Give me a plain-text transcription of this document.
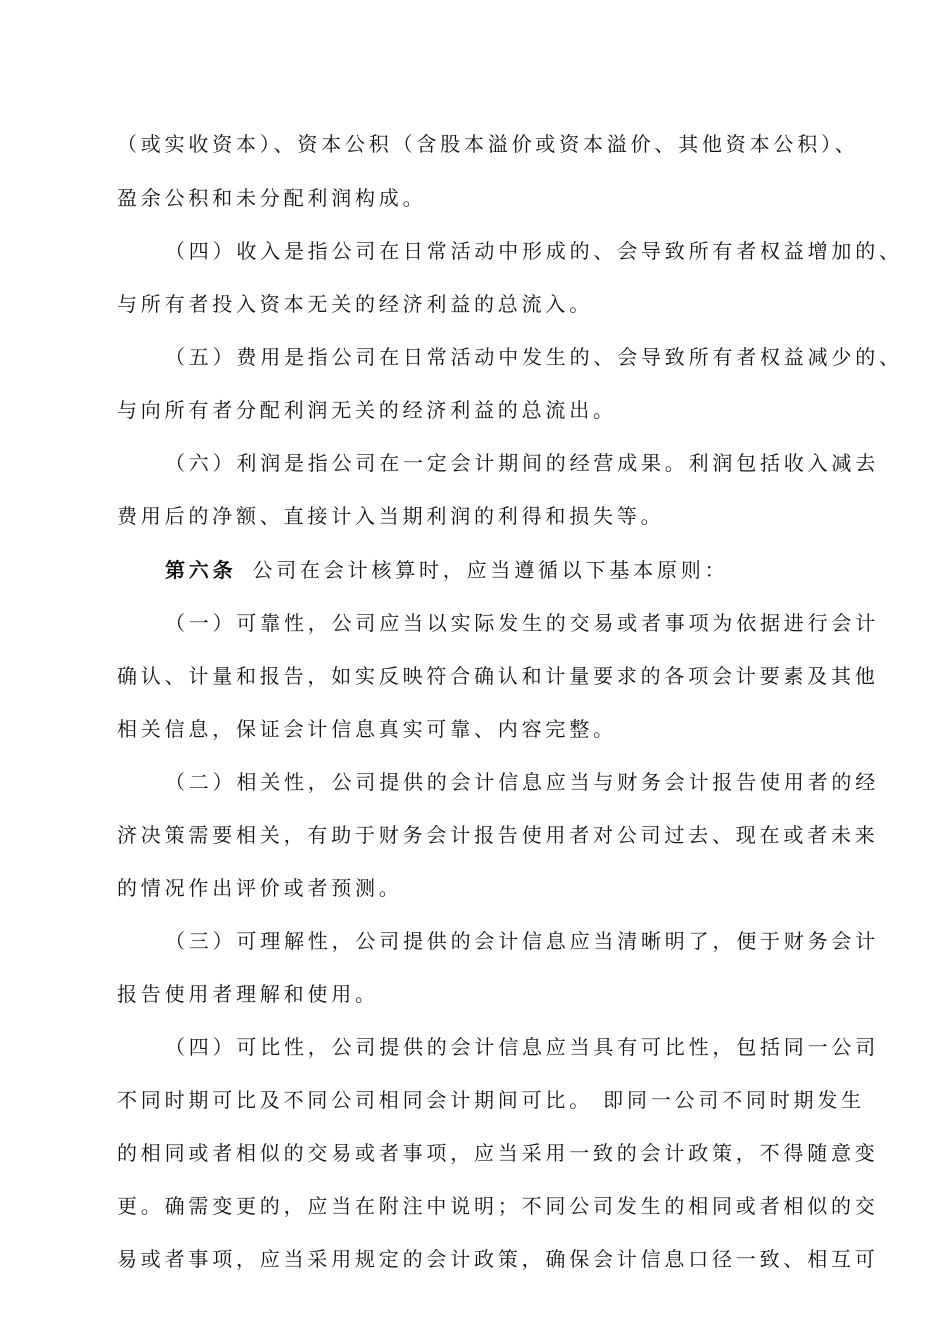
（或实收资本）、资本公积（含股本溢价或资本溢价、其他资本公积）、
盈余公积和未分配利润构成。
（四）收入是指公司在日常活动中形成的、会导致所有者权益增加的、
与所有者投入资本无关的经济利益的总流入。
（五）费用是指公司在日常活动中发生的、会导致所有者权益减少的、
与向所有者分配利润无关的经济利益的总流出。
（六）利润是指公司在一定会计期间的经营成果。利润包括收入减去
费用后的净额、直接计入当期利润的利得和损失等。
第六条 公司在会计核算时，应当遵循以下基本原则：
（一）可靠性，公司应当以实际发生的交易或者事项为依据进行会计
确认、计量和报告，如实反映符合确认和计量要求的各项会计要素及其他
相关信息，保证会计信息真实可靠、内容完整。
（二）相关性，公司提供的会计信息应当与财务会计报告使用者的经
济决策需要相关，有助于财务会计报告使用者对公司过去、现在或者未来
的情况作出评价或者预测。
（三）可理解性，公司提供的会计信息应当清晰明了，便于财务会计
报告使用者理解和使用。
（四）可比性，公司提供的会计信息应当具有可比性，包括同一公司
不同时期可比及不同公司相同会计期间可比。 即同一公司不同时期发生
的相同或者相似的交易或者事项，应当采用一致的会计政策，不得随意变
更。确需变更的，应当在附注中说明；不同公司发生的相同或者相似的交
易或者事项，应当采用规定的会计政策，确保会计信息口径一致、相互可
